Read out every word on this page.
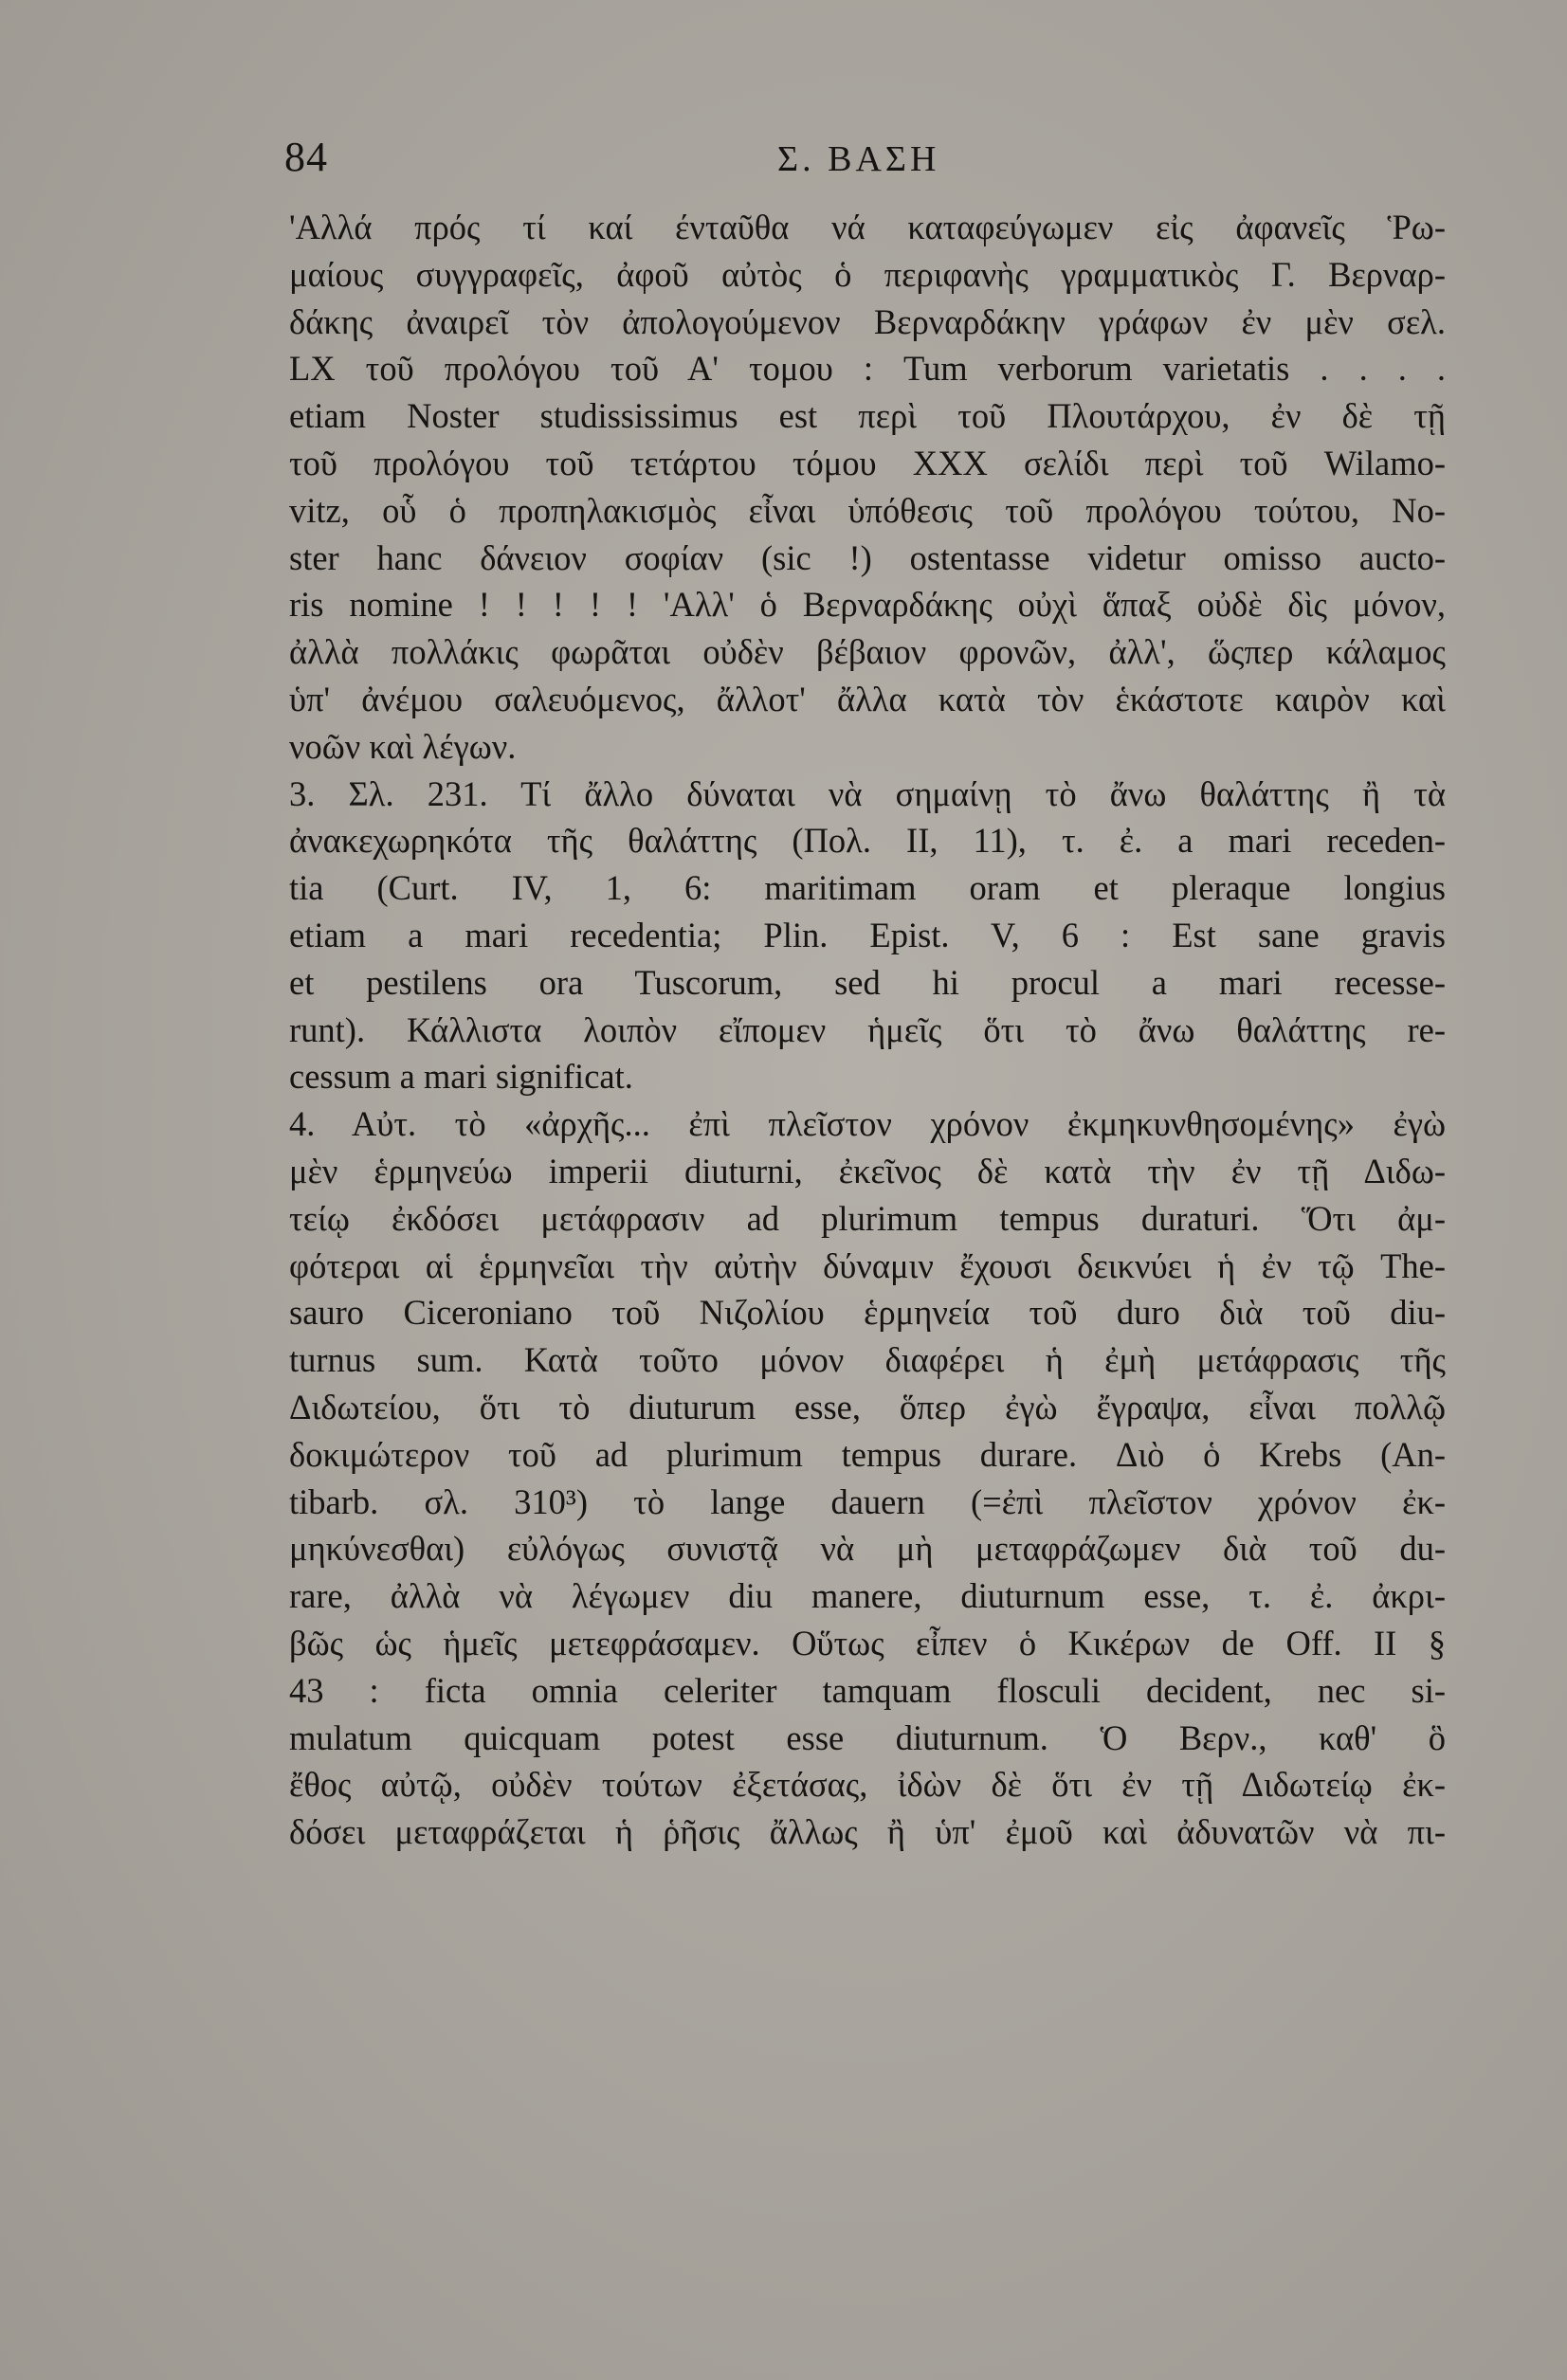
84	Σ. ΒΑΣΗ
'Αλλά πρός τί καί ένταῦθα νά καταφεύγωμεν εἰς ἀφανεῖς Ῥω-
μαίους συγγραφεῖς, ἀφοῦ αὐτὸς ὁ περιφανὴς γραμματικὸς Γ. Βερναρ-
δάκης ἀναιρεῖ τὸν ἀπολογούμενον Βερναρδάκην γράφων ἐν μὲν σελ.
LX τοῦ προλόγου τοῦ Α' τομου : Tum verborum varietatis . . . .
etiam Noster studississimus est περὶ τοῦ Πλουτάρχου, ἐν δὲ τῇ
τοῦ προλόγου τοῦ τετάρτου τόμου XXX σελίδι περὶ τοῦ Wilamo-
vitz, οὗ ὁ προπηλακισμὸς εἶναι ὑπόθεσις τοῦ προλόγου τούτου, No-
ster hanc δάνειον σοφίαν (sic !) ostentasse videtur omisso aucto-
ris nomine ! ! ! ! ! 'Αλλ' ὁ Βερναρδάκης οὐχὶ ἅπαξ οὐδὲ δὶς μόνον,
ἀλλὰ πολλάκις φωρᾶται οὐδὲν βέβαιον φρονῶν, ἀλλ', ὥςπερ κάλαμος
ὑπ' ἀνέμου σαλευόμενος, ἄλλοτ' ἄλλα κατὰ τὸν ἑκάστοτε καιρὸν καὶ
νοῶν καὶ λέγων.
3. Σλ. 231. Τί ἄλλο δύναται νὰ σημαίνῃ τὸ ἄνω θαλάττης ἢ τὰ
ἀνακεχωρηκότα τῆς θαλάττης (Πολ. II, 11), τ. ἐ. a mari receden-
tia (Curt. IV, 1, 6: maritimam oram et pleraque longius
etiam a mari recedentia; Plin. Epist. V, 6 : Est sane gravis
et pestilens ora Tuscorum, sed hi procul a mari recesse-
runt). Κάλλιστα λοιπὸν εἴπομεν ἡμεῖς ὅτι τὸ ἄνω θαλάττης re-
cessum a mari significat.
4. Αὐτ. τὸ «ἀρχῆς... ἐπὶ πλεῖστον χρόνον ἐκμηκυνθησομένης» ἐγὼ
μὲν ἑρμηνεύω imperii diuturni, ἐκεῖνος δὲ κατὰ τὴν ἐν τῇ Διδω-
τείῳ ἐκδόσει μετάφρασιν ad plurimum tempus duraturi. Ὅτι ἀμ-
φότεραι αἱ ἑρμηνεῖαι τὴν αὐτὴν δύναμιν ἔχουσι δεικνύει ἡ ἐν τῷ The-
sauro Ciceroniano τοῦ Νιζολίου ἑρμηνεία τοῦ duro διὰ τοῦ diu-
turnus sum. Κατὰ τοῦτο μόνον διαφέρει ἡ ἐμὴ μετάφρασις τῆς
Διδωτείου, ὅτι τὸ diuturum esse, ὅπερ ἐγὼ ἔγραψα, εἶναι πολλῷ
δοκιμώτερον τοῦ ad plurimum tempus durare. Διὸ ὁ Krebs (An-
tibarb. σλ. 310³) τὸ lange dauern (=ἐπὶ πλεῖστον χρόνον ἐκ-
μηκύνεσθαι) εὐλόγως συνιστᾷ νὰ μὴ μεταφράζωμεν διὰ τοῦ du-
rare, ἀλλὰ νὰ λέγωμεν diu manere, diuturnum esse, τ. ἐ. ἀκρι-
βῶς ὡς ἡμεῖς μετεφράσαμεν. Οὕτως εἶπεν ὁ Κικέρων de Off. II §
43 : ficta omnia celeriter tamquam flosculi decident, nec si-
mulatum quicquam potest esse diuturnum. Ὁ Βερν., καθ' ὃ
ἔθος αὐτῷ, οὐδὲν τούτων ἐξετάσας, ἰδὼν δὲ ὅτι ἐν τῇ Διδωτείῳ ἐκ-
δόσει μεταφράζεται ἡ ῥῆσις ἄλλως ἢ ὑπ' ἐμοῦ καὶ ἀδυνατῶν νὰ πι-
